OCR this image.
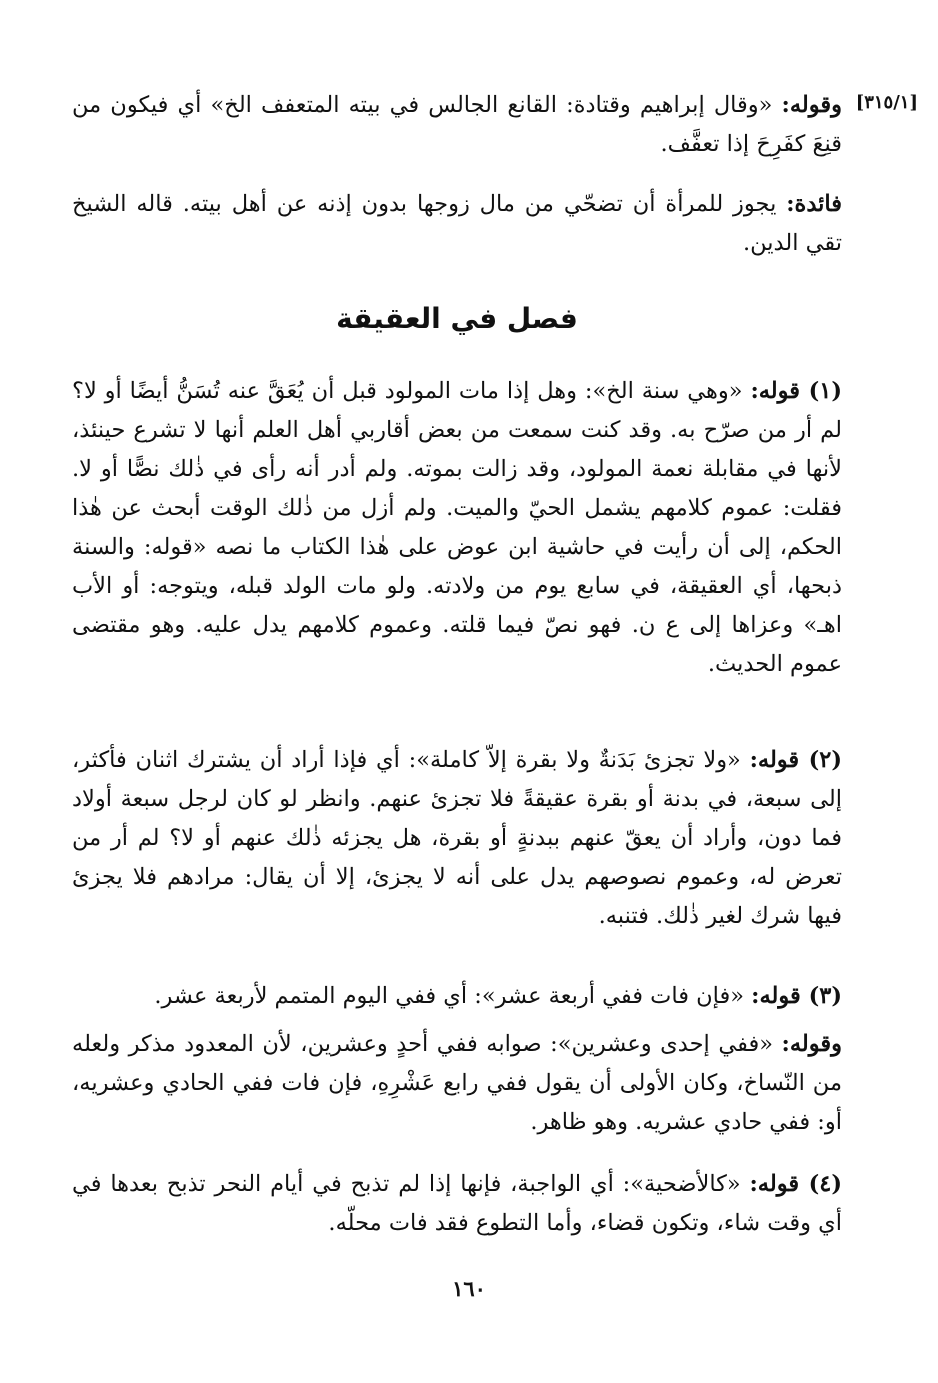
[٣١٥/١]

وقوله: «وقال إبراهيم وقتادة: القانع الجالس في بيته المتعفف الخ» أي فيكون من قنِعَ كفَرِحَ إذا تعفَّف.

فائدة: يجوز للمرأة أن تضحّي من مال زوجها بدون إذنه عن أهل بيته. قاله الشيخ تقي الدين.

فصل في العقيقة

(١) قوله: «وهي سنة الخ»: وهل إذا مات المولود قبل أن يُعَقَّ عنه تُسَنُّ أيضًا أو لا؟ لم أر من صرّح به. وقد كنت سمعت من بعض أقاربي أهل العلم أنها لا تشرع حينئذ، لأنها في مقابلة نعمة المولود، وقد زالت بموته. ولم أدر أنه رأى في ذٰلك نصًّا أو لا. فقلت: عموم كلامهم يشمل الحيّ والميت. ولم أزل من ذٰلك الوقت أبحث عن هٰذا الحكم، إلى أن رأيت في حاشية ابن عوض على هٰذا الكتاب ما نصه «قوله: والسنة ذبحها، أي العقيقة، في سابع يوم من ولادته. ولو مات الولد قبله، ويتوجه: أو الأب اهـ» وعزاها إلى ع ن. فهو نصّ فيما قلته. وعموم كلامهم يدل عليه. وهو مقتضى عموم الحديث.

(٢) قوله: «ولا تجزئ بَدَنةٌ ولا بقرة إلاّ كاملة»: أي فإذا أراد أن يشترك اثنان فأكثر، إلى سبعة، في بدنة أو بقرة عقيقةً فلا تجزئ عنهم. وانظر لو كان لرجل سبعة أولاد فما دون، وأراد أن يعقّ عنهم ببدنةٍ أو بقرة، هل يجزئه ذٰلك عنهم أو لا؟ لم أر من تعرض له، وعموم نصوصهم يدل على أنه لا يجزئ، إلا أن يقال: مرادهم فلا يجزئ فيها شرك لغير ذٰلك. فتنبه.

(٣) قوله: «فإن فات ففي أربعة عشر»: أي ففي اليوم المتمم لأربعة عشر.

وقوله: «ففي إحدى وعشرين»: صوابه ففي أحدٍ وعشرين، لأن المعدود مذكر ولعله من النّساخ، وكان الأولى أن يقول ففي رابع عَشْرِهِ، فإن فات ففي الحادي وعشريه، أو: ففي حادي عشريه. وهو ظاهر.

(٤) قوله: «كالأضحية»: أي الواجبة، فإنها إذا لم تذبح في أيام النحر تذبح بعدها في أي وقت شاء، وتكون قضاء، وأما التطوع فقد فات محلّه.

١٦٠
